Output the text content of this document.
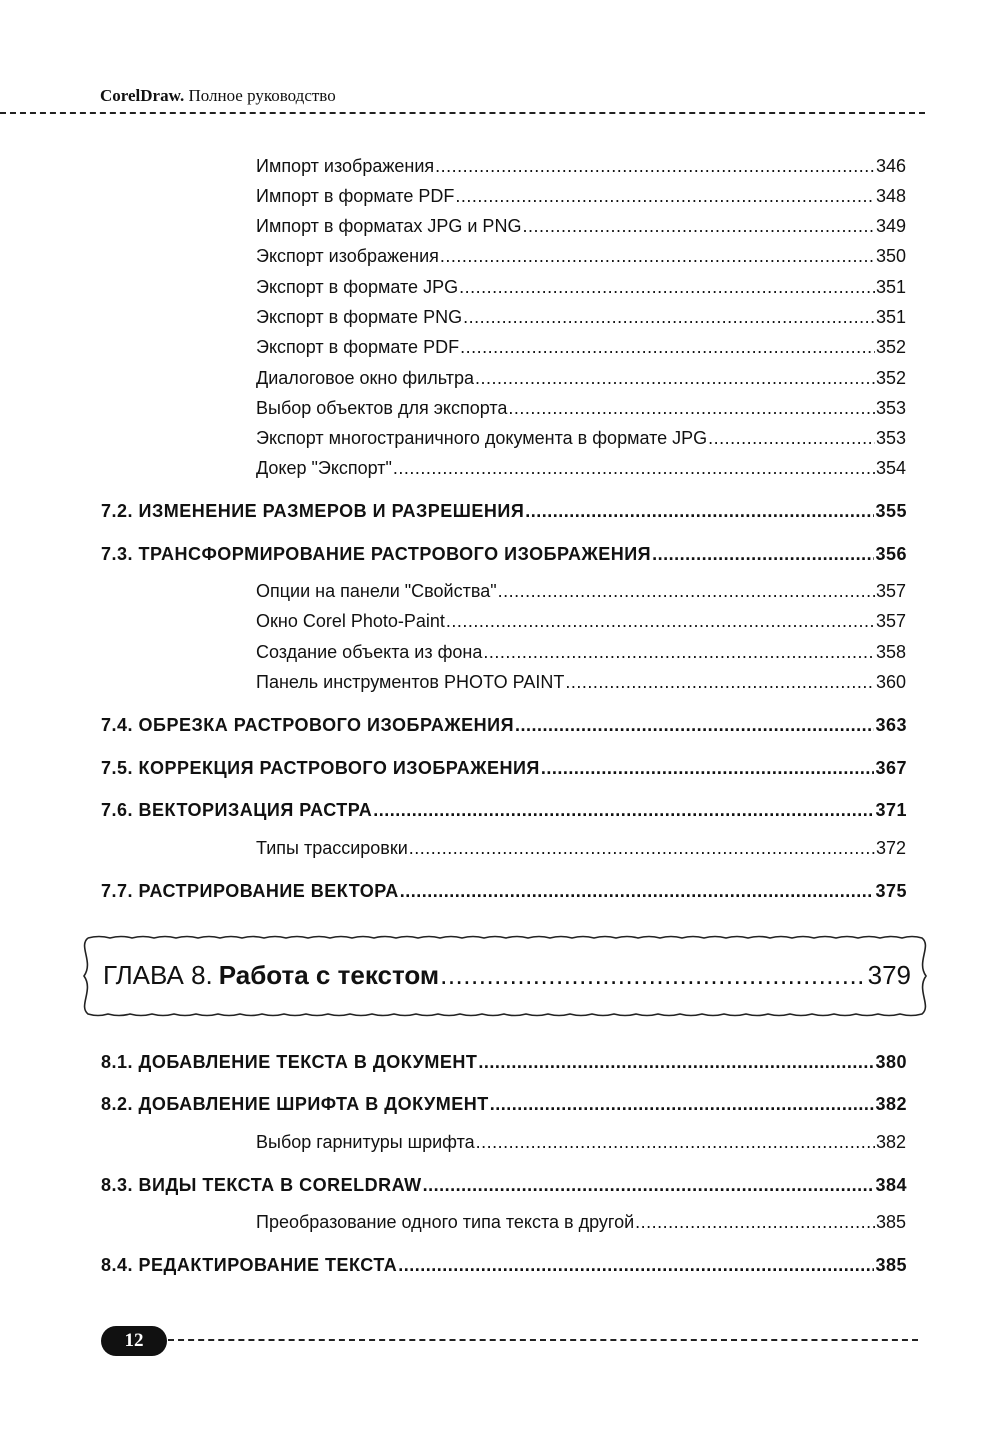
CorelDraw. Полное руководство
Импорт изображения .....	346
Импорт в формате PDF .....	348
Импорт в форматах JPG и PNG .....	349
Экспорт изображения .....	350
Экспорт в формате JPG .....	351
Экспорт в формате PNG .....	351
Экспорт в формате PDF .....	352
Диалоговое окно фильтра .....	352
Выбор объектов для экспорта .....	353
Экспорт многостраничного документа в формате JPG .....	353
Докер "Экспорт" .....	354
7.2. ИЗМЕНЕНИЕ РАЗМЕРОВ И РАЗРЕШЕНИЯ .....	355
7.3. ТРАНСФОРМИРОВАНИЕ РАСТРОВОГО ИЗОБРАЖЕНИЯ .....	356
Опции на панели "Свойства" .....	357
Окно Corel Photo-Paint .....	357
Создание объекта из фона .....	358
Панель инструментов PHOTO PAINT .....	360
7.4. ОБРЕЗКА РАСТРОВОГО ИЗОБРАЖЕНИЯ .....	363
7.5. КОРРЕКЦИЯ РАСТРОВОГО ИЗОБРАЖЕНИЯ .....	367
7.6. ВЕКТОРИЗАЦИЯ РАСТРА .....	371
Типы трассировки .....	372
7.7. РАСТРИРОВАНИЕ ВЕКТОРА .....	375
ГЛАВА 8. Работа с текстом .....	379
8.1. ДОБАВЛЕНИЕ ТЕКСТА В ДОКУМЕНТ .....	380
8.2. ДОБАВЛЕНИЕ ШРИФТА В ДОКУМЕНТ .....	382
Выбор гарнитуры шрифта .....	382
8.3. ВИДЫ ТЕКСТА В CORELDRAW .....	384
Преобразование одного типа текста в другой .....	385
8.4. РЕДАКТИРОВАНИЕ ТЕКСТА .....	385
12
